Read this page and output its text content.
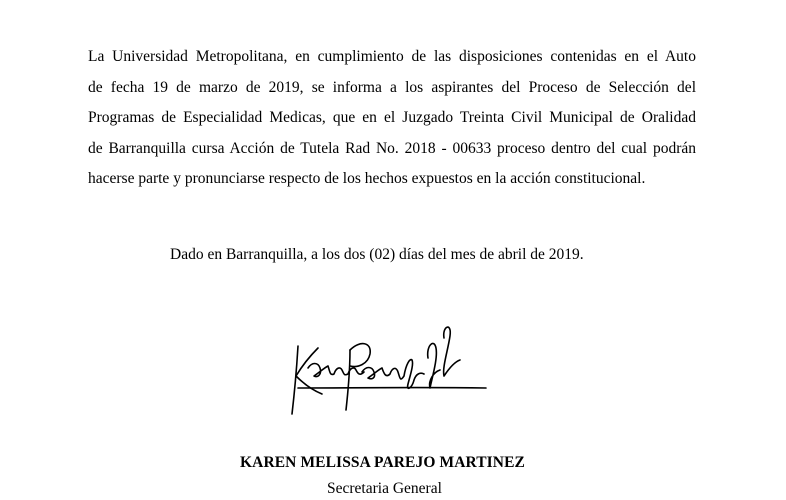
La Universidad Metropolitana, en cumplimiento de las disposiciones contenidas en el Auto
de fecha 19 de marzo de 2019, se informa a los aspirantes del Proceso de Selección del
Programas de Especialidad Medicas, que en el Juzgado Treinta Civil Municipal de Oralidad
de Barranquilla cursa Acción de Tutela Rad No. 2018 - 00633 proceso dentro del cual podrán
hacerse parte y pronunciarse respecto de los hechos expuestos en la acción constitucional.
Dado en Barranquilla, a los dos (02) días del mes de abril de 2019.
KAREN MELISSA PAREJO MARTINEZ
Secretaria General
